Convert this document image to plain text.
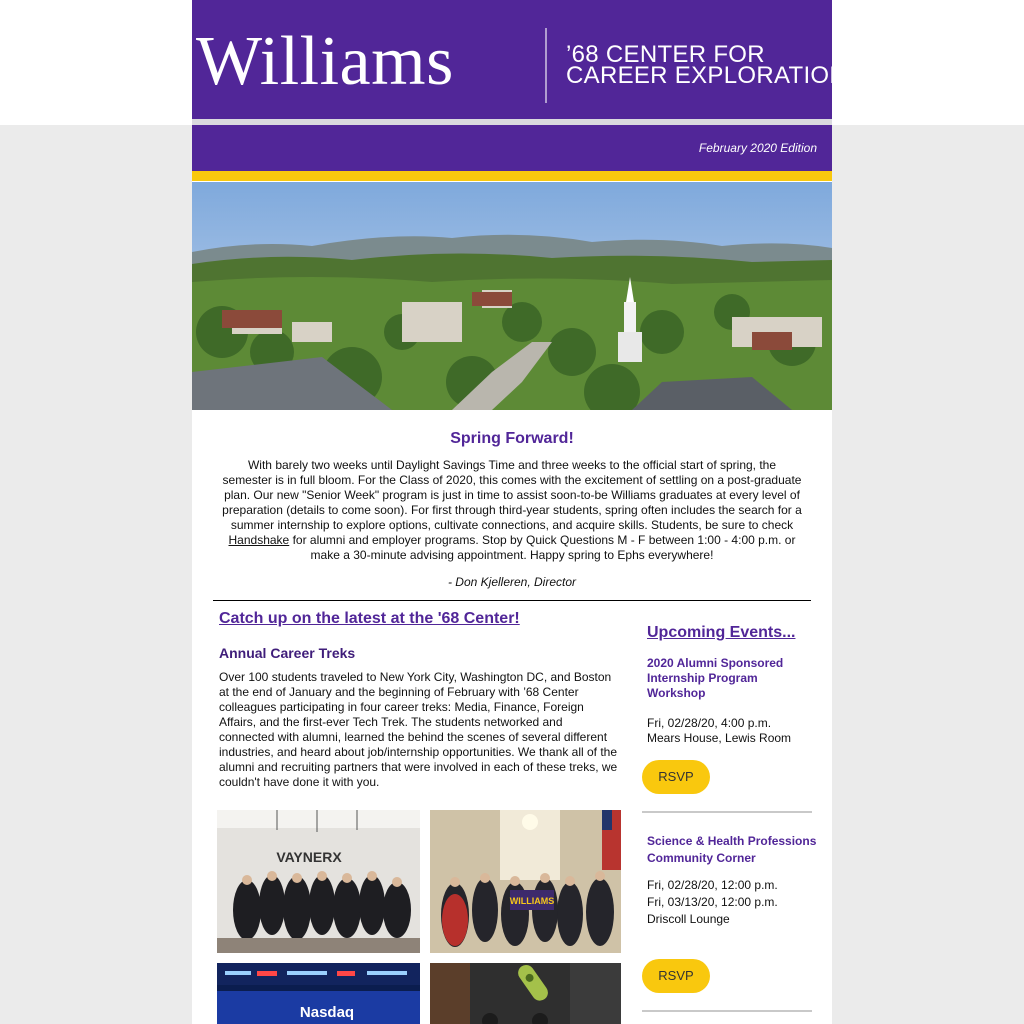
Williams	’68 CENTER FOR
CAREER EXPLORATION
February 2020 Edition
Spring Forward!
With barely two weeks until Daylight Savings Time and three weeks to the official start of spring, the semester is in full bloom. For the Class of 2020, this comes with the excitement of settling on a post-graduate plan. Our new "Senior Week" program is just in time to assist soon-to-be Williams graduates at every level of preparation (details to come soon). For first through third-year students, spring often includes the search for a summer internship to explore options, cultivate connections, and acquire skills. Students, be sure to check Handshake for alumni and employer programs. Stop by Quick Questions M - F between 1:00 - 4:00 p.m. or make a 30-minute advising appointment. Happy spring to Ephs everywhere!
- Don Kjelleren, Director
Catch up on the latest at the '68 Center!
Annual Career Treks
Over 100 students traveled to New York City, Washington DC, and Boston at the end of January and the beginning of February with ’68 Center colleagues participating in four career treks: Media, Finance, Foreign Affairs, and the first-ever Tech Trek. The students networked and connected with alumni, learned the behind the scenes of several different industries, and heard about job/internship opportunities. We thank all of the alumni and recruiting partners that were involved in each of these treks, we couldn't have done it with you.
VAYNERX
WILLIAMS
Nasdaq
Upcoming Events...
2020 Alumni Sponsored Internship Program Workshop
Fri, 02/28/20, 4:00 p.m.
Mears House, Lewis Room
RSVP
Science & Health Professions Community Corner
Fri, 02/28/20, 12:00 p.m.
Fri, 03/13/20, 12:00 p.m.
Driscoll Lounge
RSVP
